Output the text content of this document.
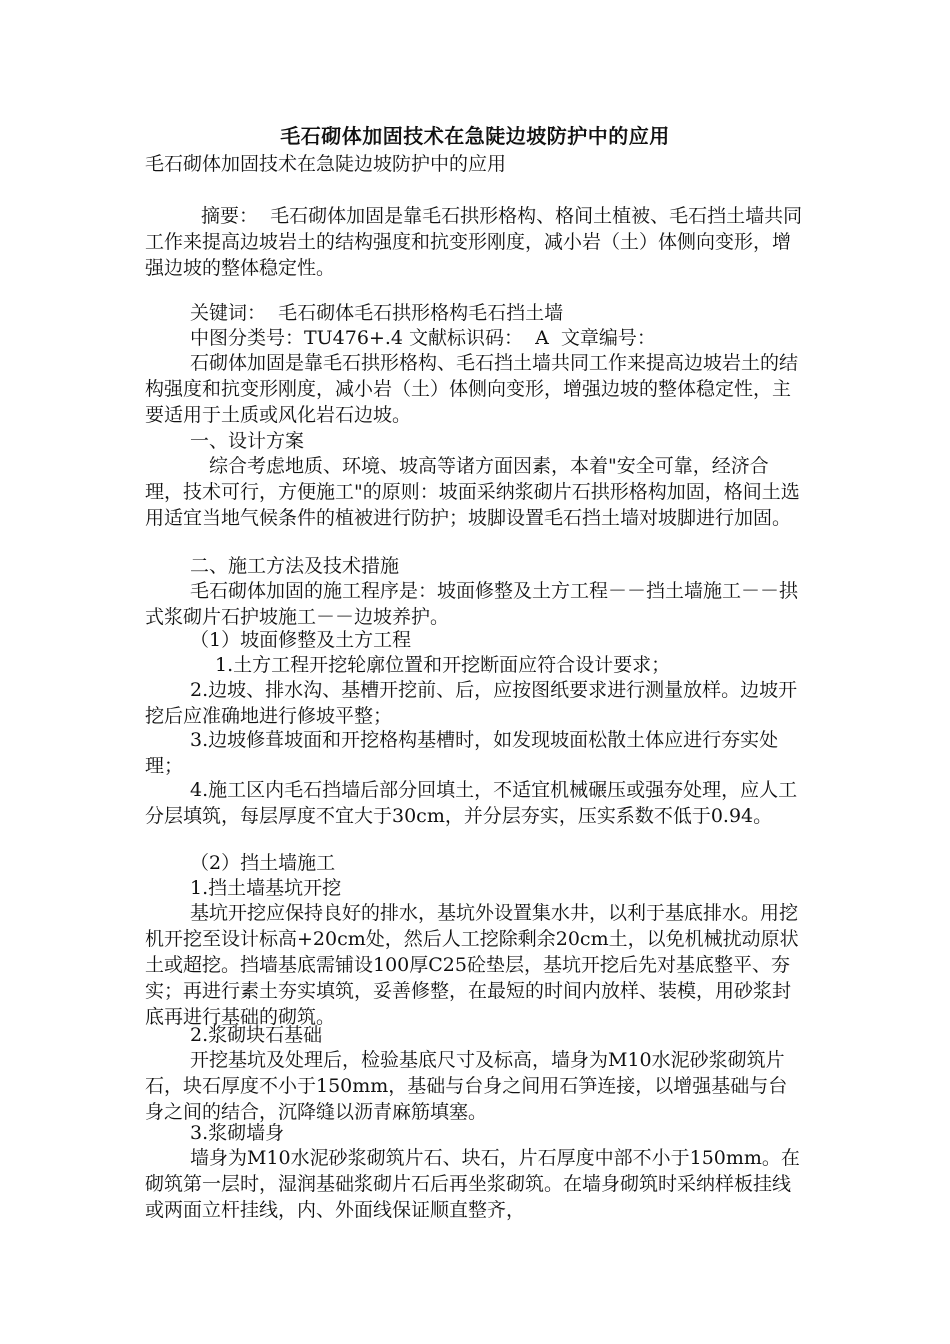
毛石砌体加固技术在急陡边坡防护中的应用
毛石砌体加固技术在急陡边坡防护中的应用
摘要：  毛石砌体加固是靠毛石拱形格构、格间土植被、毛石挡土墙共同工作来提高边坡岩土的结构强度和抗变形刚度，减小岩（土）体侧向变形，增强边坡的整体稳定性。
关键词：  毛石砌体毛石拱形格构毛石挡土墙
中图分类号：TU476+.4 文献标识码：  A  文章编号：
石砌体加固是靠毛石拱形格构、毛石挡土墙共同工作来提高边坡岩土的结构强度和抗变形刚度，减小岩（土）体侧向变形，增强边坡的整体稳定性，主要适用于土质或风化岩石边坡。
一、设计方案
综合考虑地质、环境、坡高等诸方面因素，本着"安全可靠，经济合理，技术可行，方便施工"的原则：坡面采纳浆砌片石拱形格构加固，格间土选用适宜当地气候条件的植被进行防护；坡脚设置毛石挡土墙对坡脚进行加固。
二、施工方法及技术措施
毛石砌体加固的施工程序是：坡面修整及土方工程－－挡土墙施工－－拱式浆砌片石护坡施工－－边坡养护。
（1）坡面修整及土方工程
1.土方工程开挖轮廓位置和开挖断面应符合设计要求；
2.边坡、排水沟、基槽开挖前、后，应按图纸要求进行测量放样。边坡开挖后应准确地进行修坡平整；
3.边坡修葺坡面和开挖格构基槽时，如发现坡面松散土体应进行夯实处理；
4.施工区内毛石挡墙后部分回填土，不适宜机械碾压或强夯处理，应人工分层填筑，每层厚度不宜大于30cm，并分层夯实，压实系数不低于0.94。
（2）挡土墙施工
1.挡土墙基坑开挖
基坑开挖应保持良好的排水，基坑外设置集水井，以利于基底排水。用挖机开挖至设计标高+20cm处，然后人工挖除剩余20cm土，以免机械扰动原状土或超挖。挡墙基底需铺设100厚C25砼垫层，基坑开挖后先对基底整平、夯实；再进行素土夯实填筑，妥善修整，在最短的时间内放样、装模，用砂浆封底再进行基础的砌筑。
2.浆砌块石基础
开挖基坑及处理后，检验基底尺寸及标高，墙身为M10水泥砂浆砌筑片石，块石厚度不小于150mm，基础与台身之间用石笋连接，以增强基础与台身之间的结合，沉降缝以沥青麻筋填塞。
3.浆砌墙身
墙身为M10水泥砂浆砌筑片石、块石，片石厚度中部不小于150mm。在砌筑第一层时，湿润基础浆砌片石后再坐浆砌筑。在墙身砌筑时采纳样板挂线或两面立杆挂线，内、外面线保证顺直整齐，
